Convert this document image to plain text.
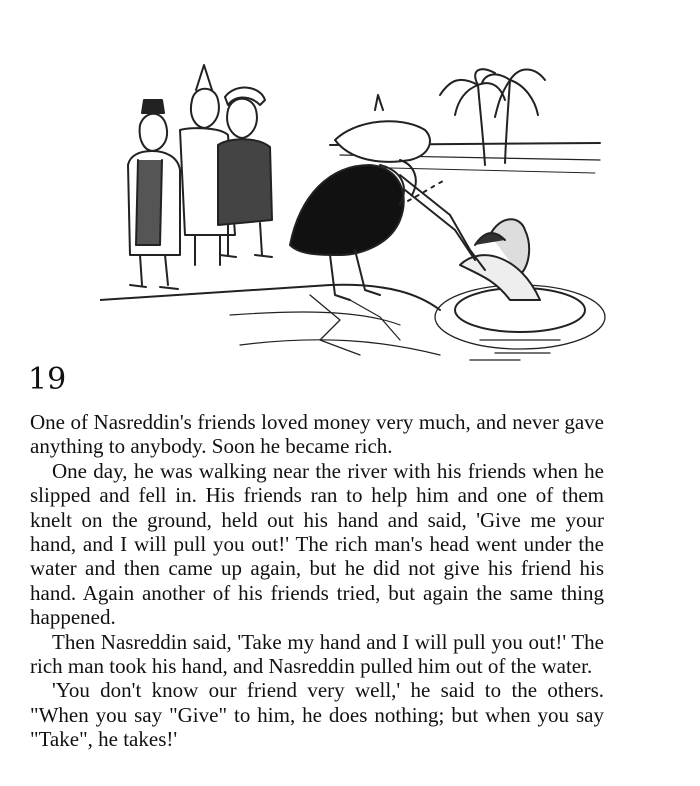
19

One of Nasreddin's friends loved money very much, and never gave anything to anybody. Soon he became rich.

One day, he was walking near the river with his friends when he slipped and fell in. His friends ran to help him and one of them knelt on the ground, held out his hand and said, 'Give me your hand, and I will pull you out!' The rich man's head went under the water and then came up again, but he did not give his friend his hand. Again another of his friends tried, but again the same thing happened.

Then Nasreddin said, 'Take my hand and I will pull you out!' The rich man took his hand, and Nasreddin pulled him out of the water.

'You don't know our friend very well,' he said to the others. "When you say "Give" to him, he does nothing; but when you say "Take", he takes!'
